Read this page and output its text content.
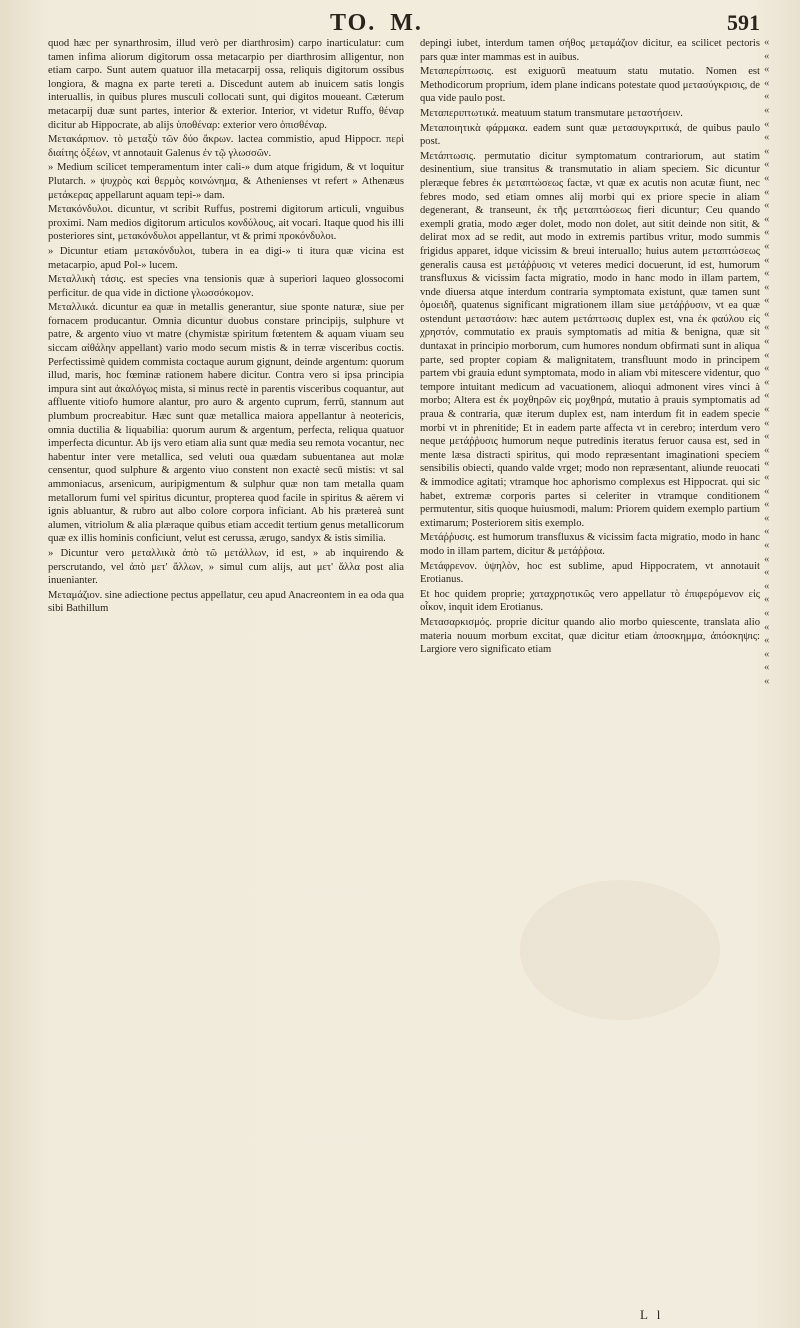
TO. M.	591

quod hæc per synarthrosim, illud verò per diarthrosim) carpo inarticulatur: cum tamen infima aliorum digitorum ossa metacarpio per diarthrosim alligentur, non etiam carpo. Sunt autem quatuor illa metacarpij ossa, reliquis digitorum ossibus longiora, & magna ex parte tereti a. Discedunt autem ab inuicem satis longis interuallis, in quibus plures musculi collocati sunt, qui digitos moueant. Cæterum metacarpij duæ sunt partes, interior & exterior. Interior, vt videtur Ruffo, θέναρ dicitur ab Hippocrate, ab alijs ὑποθέναρ: exterior vero ὀπισθέναρ.

Μετακάρπιον. τὸ μεταξὺ τῶν δύο ἄκρων. lactea commistio, apud Hippocr. περὶ διαίτης ὀξέων, vt annotauit Galenus ἐν τῷ γλωσσῶν.

» Medium scilicet temperamentum inter cali-» dum atque frigidum, & vt loquitur Plutarch. » ψυχρὸς καὶ θερμὸς κοινώνημα, & Athenienses vt refert » Athenæus μετάκερας appellarunt aquam tepi-» dam.

Μετακόνδυλοι. dicuntur, vt scribit Ruffus, postremi digitorum articuli, vnguibus proximi. Nam medios digitorum articulos κονδύλους, ait vocari. Itaque quod his illi posteriores sint, μετακόνδυλοι appellantur, vt & primi προκόνδυλοι.

» Dicuntur etiam μετακόνδυλοι, tubera in ea digi-» ti itura quæ vicina est metacarpio, apud Pol-» lucem.

Μεταλλικὴ τάσις. est species vna tensionis quæ à superiori laqueo glossocomi perficitur. de qua vide in dictione γλωσσόκομον.

Μεταλλικά. dicuntur ea quæ in metallis generantur, siue sponte naturæ, siue per fornacem producantur. Omnia dicuntur duobus constare principijs, sulphure vt patre, & argento viuo vt matre (chymistæ spiritum fœtentem & aquam viuam seu siccam αἰθάλην appellant) vario modo secum mistis & in terræ visceribus coctis. Perfectissimè quidem commista coctaque aurum gignunt, deinde argentum: quorum illud, maris, hoc fœminæ rationem habere dicitur. Contra vero si ipsa principia impura sint aut ἀκαλόγως mista, si minus rectè in parentis visceribus coquantur, aut affluente vitiofo humore alantur, pro auro & argento cuprum, ferrū, stannum aut plumbum procreabitur. Hæc sunt quæ metallica maiora appellantur à neotericis, omnia ductilia & liquabilia: quorum aurum & argentum, perfecta, reliqua quatuor imperfecta dicuntur. Ab ijs vero etiam alia sunt quæ media seu remota vocantur, nec habentur inter vere metallica, sed veluti oua quædam subuentanea aut molæ censentur, quod sulphure & argento viuo constent non exactè secū mistis: vt sal ammoniacus, arsenicum, auripigmentum & sulphur quæ non tam metalla quam metallorum fumi vel spiritus dicuntur, propterea quod facile in spiritus & aërem vi ignis abluantur, & rubro aut albo colore corpora inficiant. Ab his prætereà sunt alumen, vitriolum & alia plæraque quibus etiam accedit tertium genus metallicorum quæ ex illis hominis conficiunt, velut est cerussa, ærugo, sandyx & istis similia.

» Dicuntur vero μεταλλικὰ ἀπὸ τῶ μετάλλων, id est, » ab inquirendo & perscrutando, vel ἀπὸ μετ' ἄλλων, » simul cum alijs, aut μετ' ἄλλα post alia inuenianter.

Μεταμάζιον. sine adiectione pectus appellatur, ceu apud Anacreontem in ea oda qua sibi Bathillum

depingi iubet, interdum tamen σήθος μεταμάζιον dicitur, ea scilicet pectoris pars quæ inter mammas est in auibus.

Μεταπερίπτωσις. est exiguorū meatuum statu mutatio. Nomen est Methodicorum proprium, idem plane indicans potestate quod μετασύγκρισις, de qua vide paulo post.

Μεταπεριπτωτικά. meatuum statum transmutare μεταστήσειν.

Μεταποιητικὰ φάρμακα. eadem sunt quæ μετασυγκριτικά, de quibus paulo post.

Μετάπτωσις. permutatio dicitur symptomatum contrariorum, aut statim desinentium, siue transitus & transmutatio in aliam speciem. Sic dicuntur pleræque febres ἐκ μεταπτώσεως factæ, vt quæ ex acutis non acutæ fiunt, nec febres modo, sed etiam omnes alij morbi qui ex priore specie in aliam degenerant, & transeunt, ἐκ τῆς μεταπτώσεως fieri dicuntur; Ceu quando exempli gratia, modo æger dolet, modo non dolet, aut sitit deinde non sitit, & delirat mox ad se redit, aut modo in extremis partibus vritur, modo summis frigidus apparet, idque vicissim & breui interuallo; huius autem μεταπτώσεως generalis causa est μετάῤῥυσις vt veteres medici docuerunt, id est, humorum transfluxus & vicissim facta migratio, modo in hanc modo in illam partem, vnde diuersa atque interdum contraria symptomata existunt, quæ tamen sunt ὁμοειδῆ, quatenus significant migrationem illam siue μετάῤῥυσιν, vt ea quæ ostendunt μεταστάσιν: hæc autem μετάπτωσις duplex est, vna ἐκ φαύλου εἰς χρηστόν, commutatio ex prauis symptomatis ad mitia & benigna, quæ sit duntaxat in principio morborum, cum humores nondum obfirmati sunt in aliqua parte, sed propter copiam & malignitatem, transfluunt modo in principem partem vbi grauia edunt symptomata, modo in aliam vbi mitescere videntur, quo tempore intuitant medicum ad vacuationem, alioqui admonent vires vinci à morbo; Altera est ἐκ μοχθηρῶν εἰς μοχθηρά, mutatio à prauis symptomatis ad praua & contraria, quæ iterum duplex est, nam interdum fit in eadem specie morbi vt in phrenitide; Et in eadem parte affecta vt in cerebro; interdum vero neque μετάῤῥυσις humorum neque putredinis iteratus feruor causa est, sed in mente læsa distracti spiritus, qui modo repræsentant imaginationi speciem sensibilis obiecti, quando valde vrget; modo non repræsentant, aliunde reuocati & immodice agitati; vtramque hoc aphorismo complexus est Hippocrat. qui sic habet, extremæ corporis partes si celeriter in vtramque conditionem permutentur, sitis quoque huiusmodi, malum: Priorem quidem exemplo partium extimarum; Posteriorem sitis exemplo.

Μετάῤῥυσις. est humorum transfluxus & vicissim facta migratio, modo in hanc modo in illam partem, dicitur & μετάῤῥοια.

Μετάφρενον. ὑψηλὸν, hoc est sublime, apud Hippocratem, vt annotauit Erotianus.

Et hoc quidem proprie; χαταχρηστικῶς vero appellatur τὸ ἐπιφερόμενον εἰς οἶκον, inquit idem Erotianus.

Μετασαρκισμός. proprie dicitur quando alio morbo quiescente, translata alio materia nouum morbum excitat, quæ dicitur etiam ἀποσκημμα, ἀπόσκηψις: Largiore vero significato etiam

«
«
«
«
«
«
«
«
«
«
«
«
«
«
«
«
«
«
«
«
«
«
«
«
«
«
«
«
«
«
«
«
«
«
«
«
«
«
«
«
«
«
«
«
«
«
«
«
L l
